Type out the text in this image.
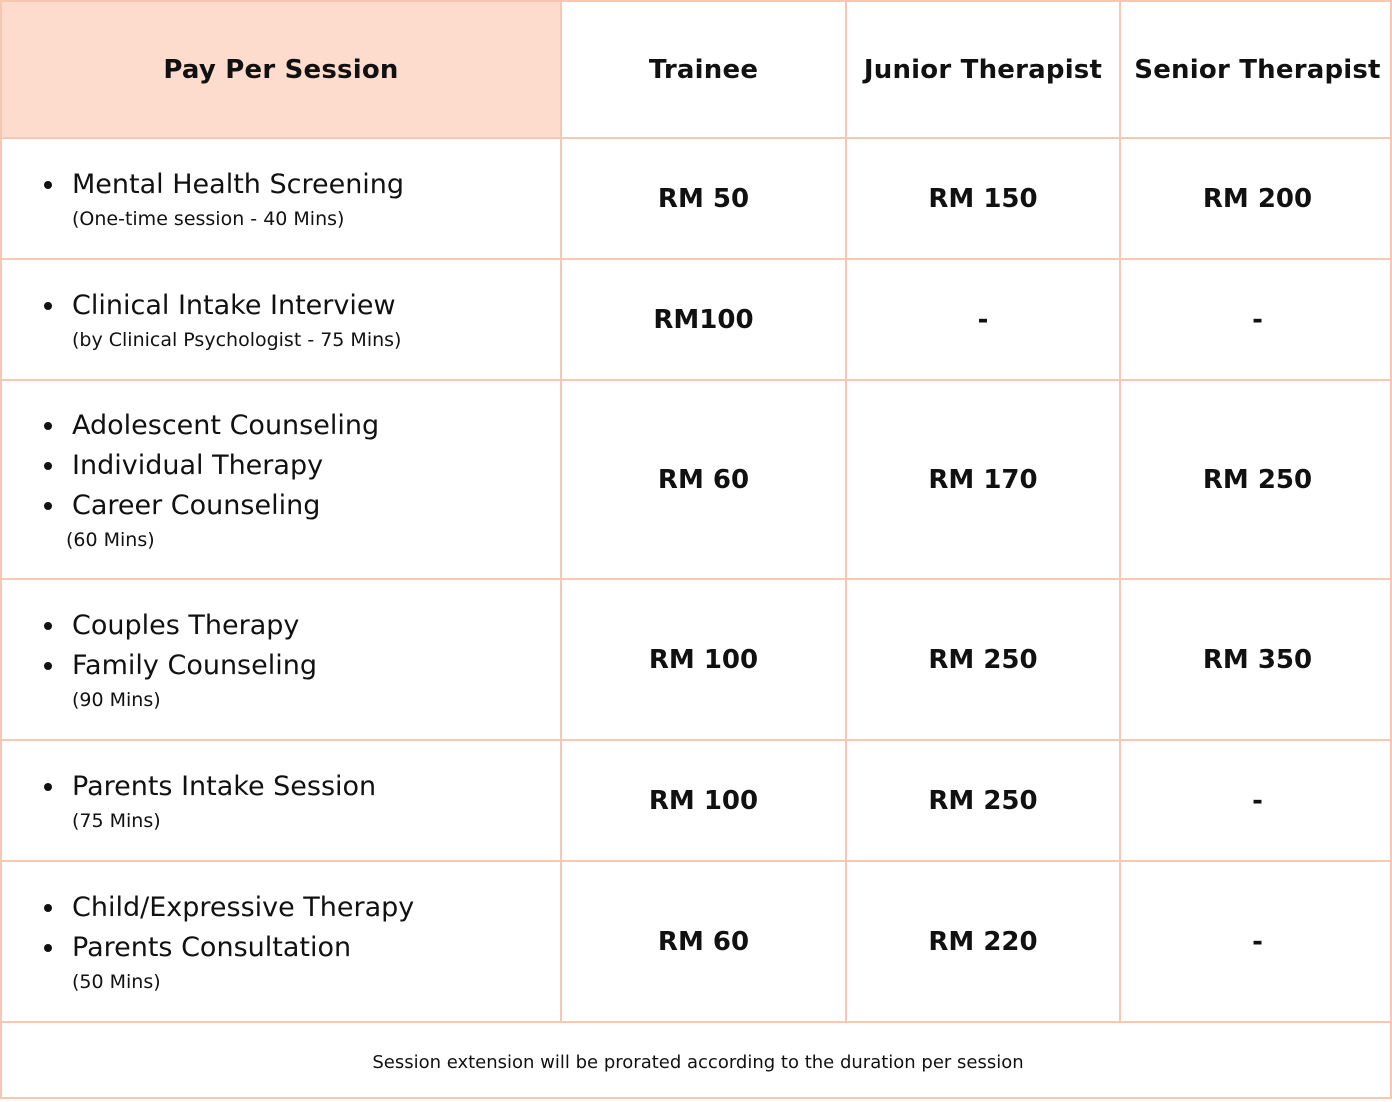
Pay Per Session	Trainee	Junior Therapist	Senior Therapist
Mental Health Screening
(One-time session - 40 Mins)
RM 50	RM 150	RM 200
Clinical Intake Interview
(by Clinical Psychologist - 75 Mins)
RM100	-	-
Adolescent Counseling
Individual Therapy
Career Counseling
(60 Mins)
RM 60	RM 170	RM 250
Couples Therapy
Family Counseling
(90 Mins)
RM 100	RM 250	RM 350
Parents Intake Session
(75 Mins)
RM 100	RM 250	-
Child/Expressive Therapy
Parents Consultation
(50 Mins)
RM 60	RM 220	-
Session extension will be prorated according to the duration per session
